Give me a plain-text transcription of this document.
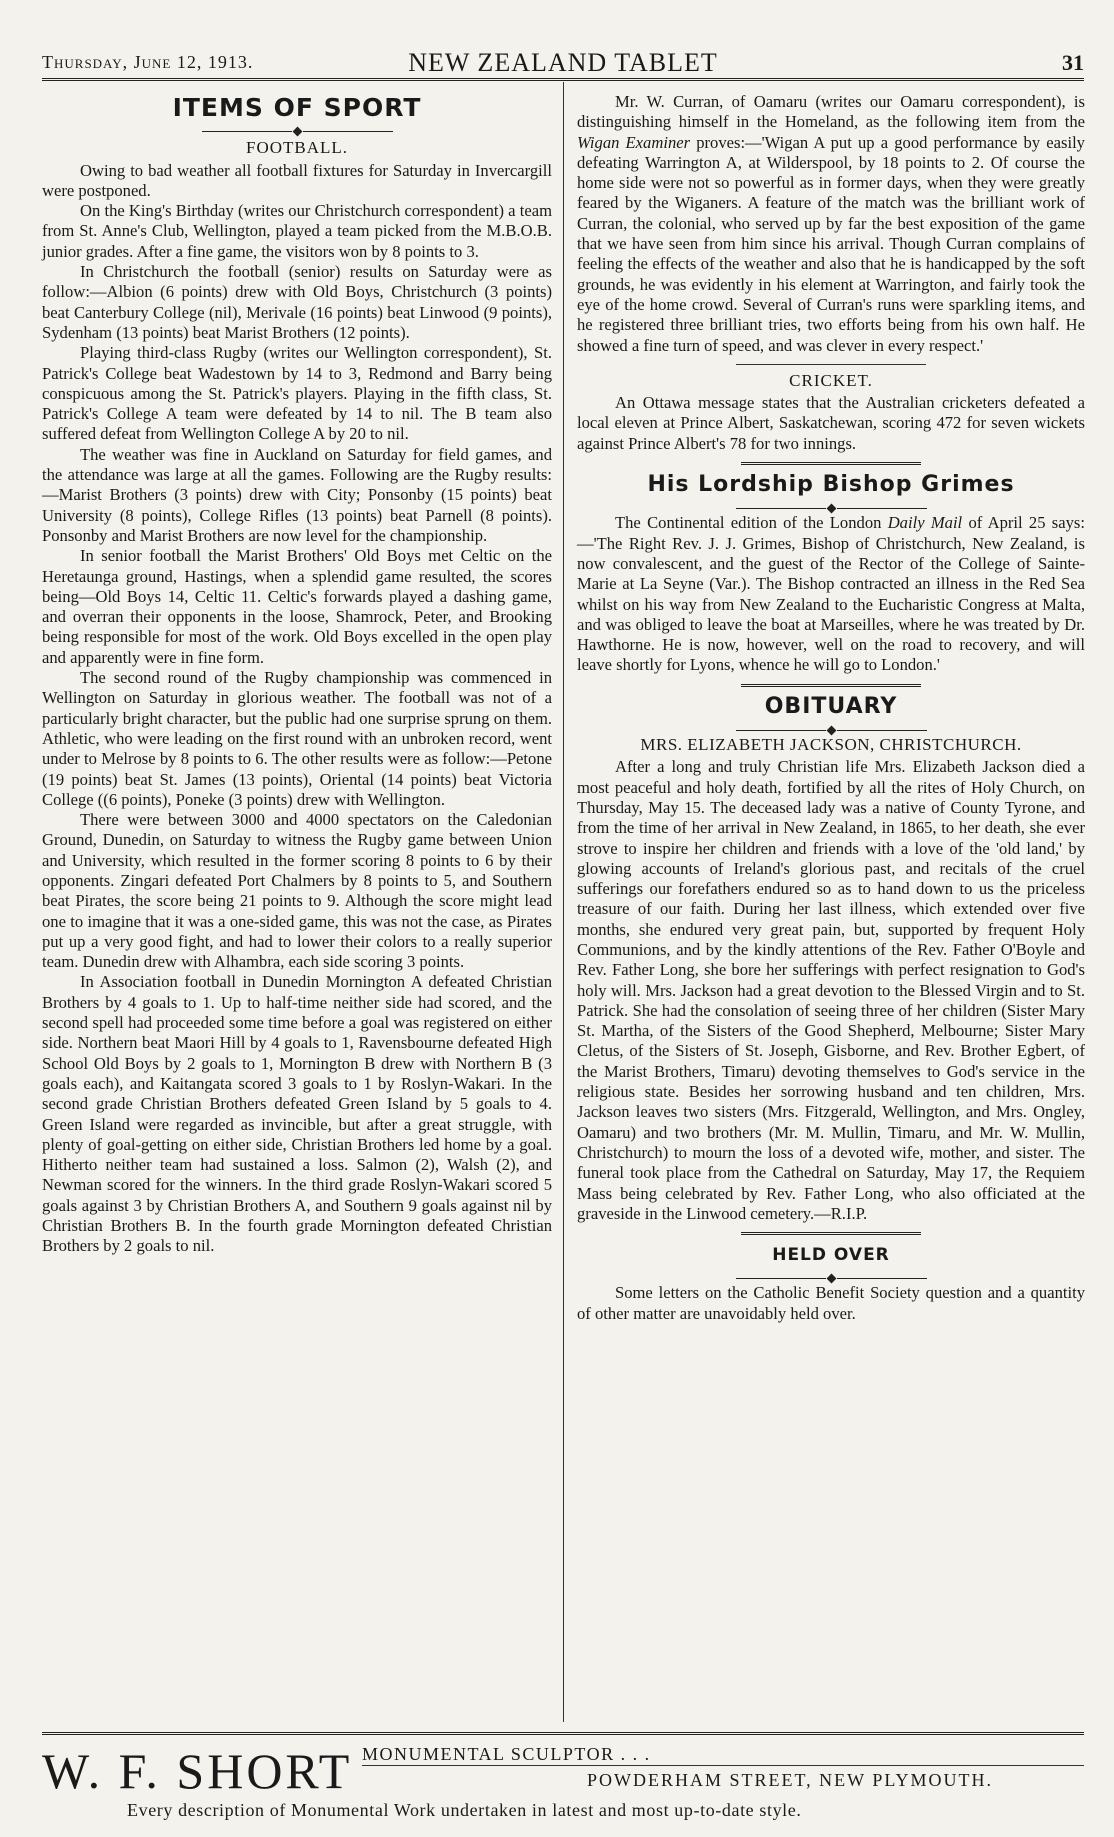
Thursday, June 12, 1913.	NEW ZEALAND TABLET	31
ITEMS OF SPORT
FOOTBALL.

Owing to bad weather all football fixtures for Saturday in Invercargill were postponed.

On the King's Birthday (writes our Christchurch correspondent) a team from St. Anne's Club, Wellington, played a team picked from the M.B.O.B. junior grades. After a fine game, the visitors won by 8 points to 3.

In Christchurch the football (senior) results on Saturday were as follow:—Albion (6 points) drew with Old Boys, Christchurch (3 points) beat Canterbury College (nil), Merivale (16 points) beat Linwood (9 points), Sydenham (13 points) beat Marist Brothers (12 points).

Playing third-class Rugby (writes our Wellington correspondent), St. Patrick's College beat Wadestown by 14 to 3, Redmond and Barry being conspicuous among the St. Patrick's players. Playing in the fifth class, St. Patrick's College A team were defeated by 14 to nil. The B team also suffered defeat from Wellington College A by 20 to nil.

The weather was fine in Auckland on Saturday for field games, and the attendance was large at all the games. Following are the Rugby results:—Marist Brothers (3 points) drew with City; Ponsonby (15 points) beat University (8 points), College Rifles (13 points) beat Parnell (8 points). Ponsonby and Marist Brothers are now level for the championship.

In senior football the Marist Brothers' Old Boys met Celtic on the Heretaunga ground, Hastings, when a splendid game resulted, the scores being—Old Boys 14, Celtic 11. Celtic's forwards played a dashing game, and overran their opponents in the loose, Shamrock, Peter, and Brooking being responsible for most of the work. Old Boys excelled in the open play and apparently were in fine form.

The second round of the Rugby championship was commenced in Wellington on Saturday in glorious weather. The football was not of a particularly bright character, but the public had one surprise sprung on them. Athletic, who were leading on the first round with an unbroken record, went under to Melrose by 8 points to 6. The other results were as follow:—Petone (19 points) beat St. James (13 points), Oriental (14 points) beat Victoria College ((6 points), Poneke (3 points) drew with Wellington.

There were between 3000 and 4000 spectators on the Caledonian Ground, Dunedin, on Saturday to witness the Rugby game between Union and University, which resulted in the former scoring 8 points to 6 by their opponents. Zingari defeated Port Chalmers by 8 points to 5, and Southern beat Pirates, the score being 21 points to 9. Although the score might lead one to imagine that it was a one-sided game, this was not the case, as Pirates put up a very good fight, and had to lower their colors to a really superior team. Dunedin drew with Alhambra, each side scoring 3 points.

In Association football in Dunedin Mornington A defeated Christian Brothers by 4 goals to 1. Up to half-time neither side had scored, and the second spell had proceeded some time before a goal was registered on either side. Northern beat Maori Hill by 4 goals to 1, Ravensbourne defeated High School Old Boys by 2 goals to 1, Mornington B drew with Northern B (3 goals each), and Kaitangata scored 3 goals to 1 by Roslyn-Wakari. In the second grade Christian Brothers defeated Green Island by 5 goals to 4. Green Island were regarded as invincible, but after a great struggle, with plenty of goal-getting on either side, Christian Brothers led home by a goal. Hitherto neither team had sustained a loss. Salmon (2), Walsh (2), and Newman scored for the winners. In the third grade Roslyn-Wakari scored 5 goals against 3 by Christian Brothers A, and Southern 9 goals against nil by Christian Brothers B. In the fourth grade Mornington defeated Christian Brothers by 2 goals to nil.

Mr. W. Curran, of Oamaru (writes our Oamaru correspondent), is distinguishing himself in the Homeland, as the following item from the Wigan Examiner proves:—'Wigan A put up a good performance by easily defeating Warrington A, at Wilderspool, by 18 points to 2. Of course the home side were not so powerful as in former days, when they were greatly feared by the Wiganers. A feature of the match was the brilliant work of Curran, the colonial, who served up by far the best exposition of the game that we have seen from him since his arrival. Though Curran complains of feeling the effects of the weather and also that he is handicapped by the soft grounds, he was evidently in his element at Warrington, and fairly took the eye of the home crowd. Several of Curran's runs were sparkling items, and he registered three brilliant tries, two efforts being from his own half. He showed a fine turn of speed, and was clever in every respect.'

CRICKET.

An Ottawa message states that the Australian cricketers defeated a local eleven at Prince Albert, Saskatchewan, scoring 472 for seven wickets against Prince Albert's 78 for two innings.

His Lordship Bishop Grimes

The Continental edition of the London Daily Mail of April 25 says:—'The Right Rev. J. J. Grimes, Bishop of Christchurch, New Zealand, is now convalescent, and the guest of the Rector of the College of Sainte-Marie at La Seyne (Var.). The Bishop contracted an illness in the Red Sea whilst on his way from New Zealand to the Eucharistic Congress at Malta, and was obliged to leave the boat at Marseilles, where he was treated by Dr. Hawthorne. He is now, however, well on the road to recovery, and will leave shortly for Lyons, whence he will go to London.'

OBITUARY
MRS. ELIZABETH JACKSON, CHRISTCHURCH.

After a long and truly Christian life Mrs. Elizabeth Jackson died a most peaceful and holy death, fortified by all the rites of Holy Church, on Thursday, May 15. The deceased lady was a native of County Tyrone, and from the time of her arrival in New Zealand, in 1865, to her death, she ever strove to inspire her children and friends with a love of the 'old land,' by glowing accounts of Ireland's glorious past, and recitals of the cruel sufferings our forefathers endured so as to hand down to us the priceless treasure of our faith. During her last illness, which extended over five months, she endured very great pain, but, supported by frequent Holy Communions, and by the kindly attentions of the Rev. Father O'Boyle and Rev. Father Long, she bore her sufferings with perfect resignation to God's holy will. Mrs. Jackson had a great devotion to the Blessed Virgin and to St. Patrick. She had the consolation of seeing three of her children (Sister Mary St. Martha, of the Sisters of the Good Shepherd, Melbourne; Sister Mary Cletus, of the Sisters of St. Joseph, Gisborne, and Rev. Brother Egbert, of the Marist Brothers, Timaru) devoting themselves to God's service in the religious state. Besides her sorrowing husband and ten children, Mrs. Jackson leaves two sisters (Mrs. Fitzgerald, Wellington, and Mrs. Ongley, Oamaru) and two brothers (Mr. M. Mullin, Timaru, and Mr. W. Mullin, Christchurch) to mourn the loss of a devoted wife, mother, and sister. The funeral took place from the Cathedral on Saturday, May 17, the Requiem Mass being celebrated by Rev. Father Long, who also officiated at the graveside in the Linwood cemetery.—R.I.P.

HELD OVER

Some letters on the Catholic Benefit Society question and a quantity of other matter are unavoidably held over.

W. F. SHORT MONUMENTAL SCULPTOR . . .
POWDERHAM STREET, NEW PLYMOUTH.
Every description of Monumental Work undertaken in latest and most up-to-date style.
